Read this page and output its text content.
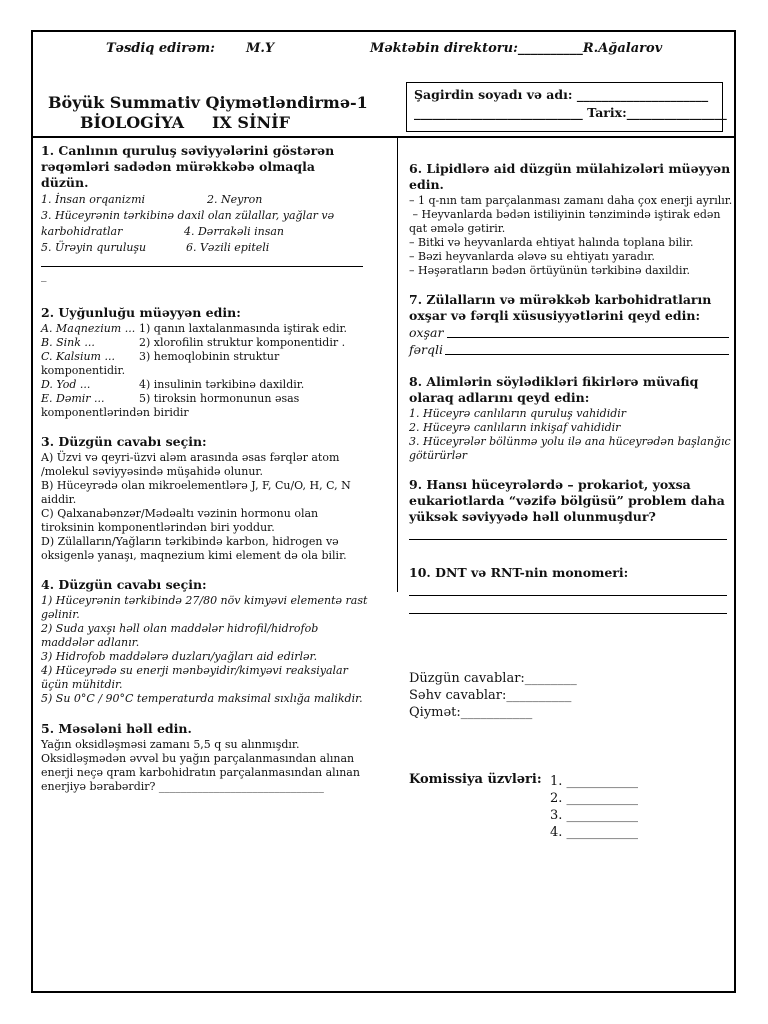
Təsdiq edirəm: M.Y	Məktəbin direktoru:__________R.Ağalarov
Böyük Summativ Qiymətləndirmə-1
BİOLOGİYA     IX SİNİF
Şagirdin soyadı və adı: _____________________
___________________________ Tarix:________________
1. Canlının quruluş səviyyələrini göstərən
rəqəmləri sadədən mürəkkəbə olmaqla
düzün.
1. İnsan orqanizmi	2. Neyron
3. Hüceyrənin tərkibinə daxil olan zülallar, yağlar və
karbohidratlar	4. Dərrakəli insan
5. Ürəyin quruluşu	6. Vəzili epiteli
_
2. Uyğunluğu müəyyən edin:
A. Maqnezium ... 1) qanın laxtalanmasında iştirak edir.
B. Sink ...	2) xlorofilin struktur komponentidir .
C. Kalsium ... 3) hemoqlobinin struktur
komponentidir.
D. Yod ...	4) insulinin tərkibinə daxildir.
E. Dəmir ...	5) tiroksin hormonunun əsas
komponentlərindən biridir
3. Düzgün cavabı seçin:
A) Üzvi və qeyri-üzvi aləm arasında əsas fərqlər atom
/molekul səviyyəsində müşahidə olunur.
B) Hüceyrədə olan mikroelementlərə J, F, Cu/O, H, C, N
aiddir.
C) Qalxanabənzər/Mədəaltı vəzinin hormonu olan
tiroksinin komponentlərindən biri yoddur.
D) Zülalların/Yağların tərkibində karbon, hidrogen və
oksigenlə yanaşı, maqnezium kimi element də ola bilir.
4. Düzgün cavabı seçin:
1) Hüceyrənin tərkibində 27/80 növ kimyəvi elementə rast
gəlinir.
2) Suda yaxşı həll olan maddələr hidrofil/hidrofob
maddələr adlanır.
3) Hidrofob maddələrə duzları/yağları aid edirlər.
4) Hüceyrədə su enerji mənbəyidir/kimyəvi reaksiyalar
üçün mühitdir.
5) Su 0°C / 90°C temperaturda maksimal sıxlığa malikdir.
5. Məsələni həll edin.
Yağın oksidləşməsi zamanı 5,5 q su alınmışdır.
Oksidləşmədən əvvəl bu yağın parçalanmasından alınan
enerji neçə qram karbohidratın parçalanmasından alınan
enerjiyə bərabərdir? ______________________________
6. Lipidlərə aid düzgün mülahizələri müəyyən
edin.
– 1 q-nın tam parçalanması zamanı daha çox enerji ayrılır.
– Heyvanlarda bədən istiliyinin tənzimində iştirak edən
qat əmələ gətirir.
– Bitki və heyvanlarda ehtiyat halında toplana bilir.
– Bəzi heyvanlarda ələvə su ehtiyatı yaradır.
– Həşəratların bədən örtüyünün tərkibinə daxildir.
7. Zülalların və mürəkkəb karbohidratların
oxşar və fərqli xüsusiyyətlərini qeyd edin:
oxşar
fərqli
8. Alimlərin söylədikləri fikirlərə müvafiq
olaraq adlarını qeyd edin:
1. Hüceyrə canlıların quruluş vahididir
2. Hüceyrə canlıların inkişaf vahididir
3. Hüceyrələr bölünmə yolu ilə ana hüceyrədən başlanğıc
götürürlər
9. Hansı hüceyrələrdə – prokariot, yoxsa
eukariotlarda “vəzifə bölgüsü” problem daha
yüksək səviyyədə həll olunmuşdur?
10. DNT və RNT-nin monomeri:
Düzgün cavablar:________
Səhv cavablar:__________
Qiymət:___________
Komissiya üzvləri: 1. ___________
2. ___________
3. ___________
4. ___________
